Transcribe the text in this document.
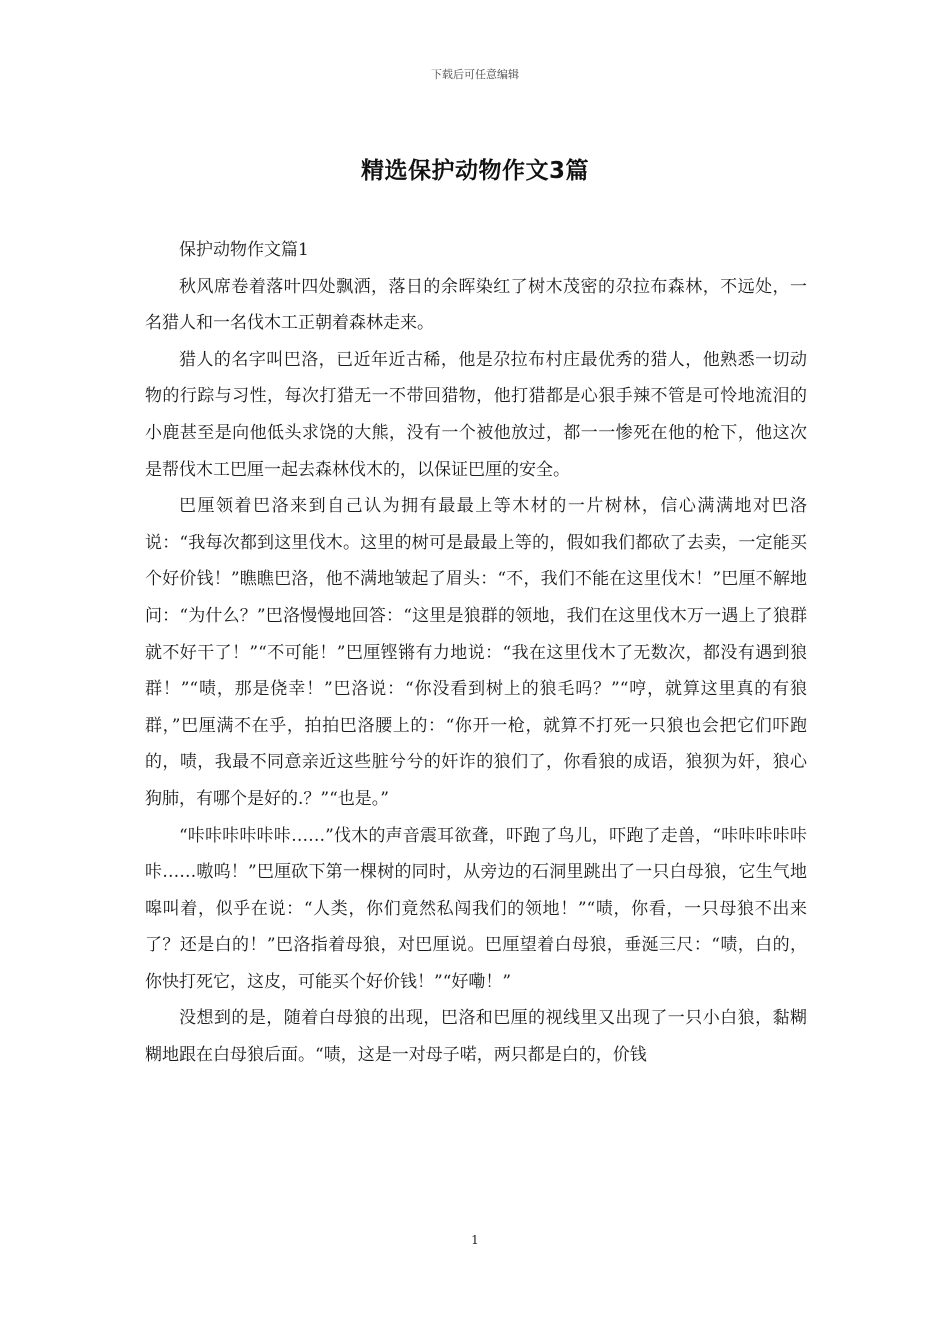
下载后可任意编辑
精选保护动物作文3篇

保护动物作文篇1

秋风席卷着落叶四处飘洒，落日的余晖染红了树木茂密的尕拉布森林，不远处，一名猎人和一名伐木工正朝着森林走来。

猎人的名字叫巴洛，已近年近古稀，他是尕拉布村庄最优秀的猎人，他熟悉一切动物的行踪与习性，每次打猎无一不带回猎物，他打猎都是心狠手辣不管是可怜地流泪的小鹿甚至是向他低头求饶的大熊，没有一个被他放过，都一一惨死在他的枪下，他这次是帮伐木工巴厘一起去森林伐木的，以保证巴厘的安全。

巴厘领着巴洛来到自己认为拥有最最上等木材的一片树林，信心满满地对巴洛说：“我每次都到这里伐木。这里的树可是最最上等的，假如我们都砍了去卖，一定能买个好价钱！”瞧瞧巴洛，他不满地皱起了眉头：“不，我们不能在这里伐木！”巴厘不解地问：“为什么？”巴洛慢慢地回答：“这里是狼群的领地，我们在这里伐木万一遇上了狼群就不好干了！”“不可能！”巴厘铿锵有力地说：“我在这里伐木了无数次，都没有遇到狼群！”“啧，那是侥幸！”巴洛说：“你没看到树上的狼毛吗？”“哼，就算这里真的有狼群，”巴厘满不在乎，拍拍巴洛腰上的：“你开一枪，就算不打死一只狼也会把它们吓跑的，啧，我最不同意亲近这些脏兮兮的奸诈的狼们了，你看狼的成语，狼狈为奸，狼心狗肺，有哪个是好的.？”“也是。”

“咔咔咔咔咔咔……”伐木的声音震耳欲聋，吓跑了鸟儿，吓跑了走兽，“咔咔咔咔咔咔……嗷呜！”巴厘砍下第一棵树的同时，从旁边的石洞里跳出了一只白母狼，它生气地嗥叫着，似乎在说：“人类，你们竟然私闯我们的领地！”“啧，你看，一只母狼不出来了？还是白的！”巴洛指着母狼，对巴厘说。巴厘望着白母狼，垂涎三尺：“啧，白的，你快打死它，这皮，可能买个好价钱！”“好嘞！”

没想到的是，随着白母狼的出现，巴洛和巴厘的视线里又出现了一只小白狼，黏糊糊地跟在白母狼后面。“啧，这是一对母子喏，两只都是白的，价钱

1
